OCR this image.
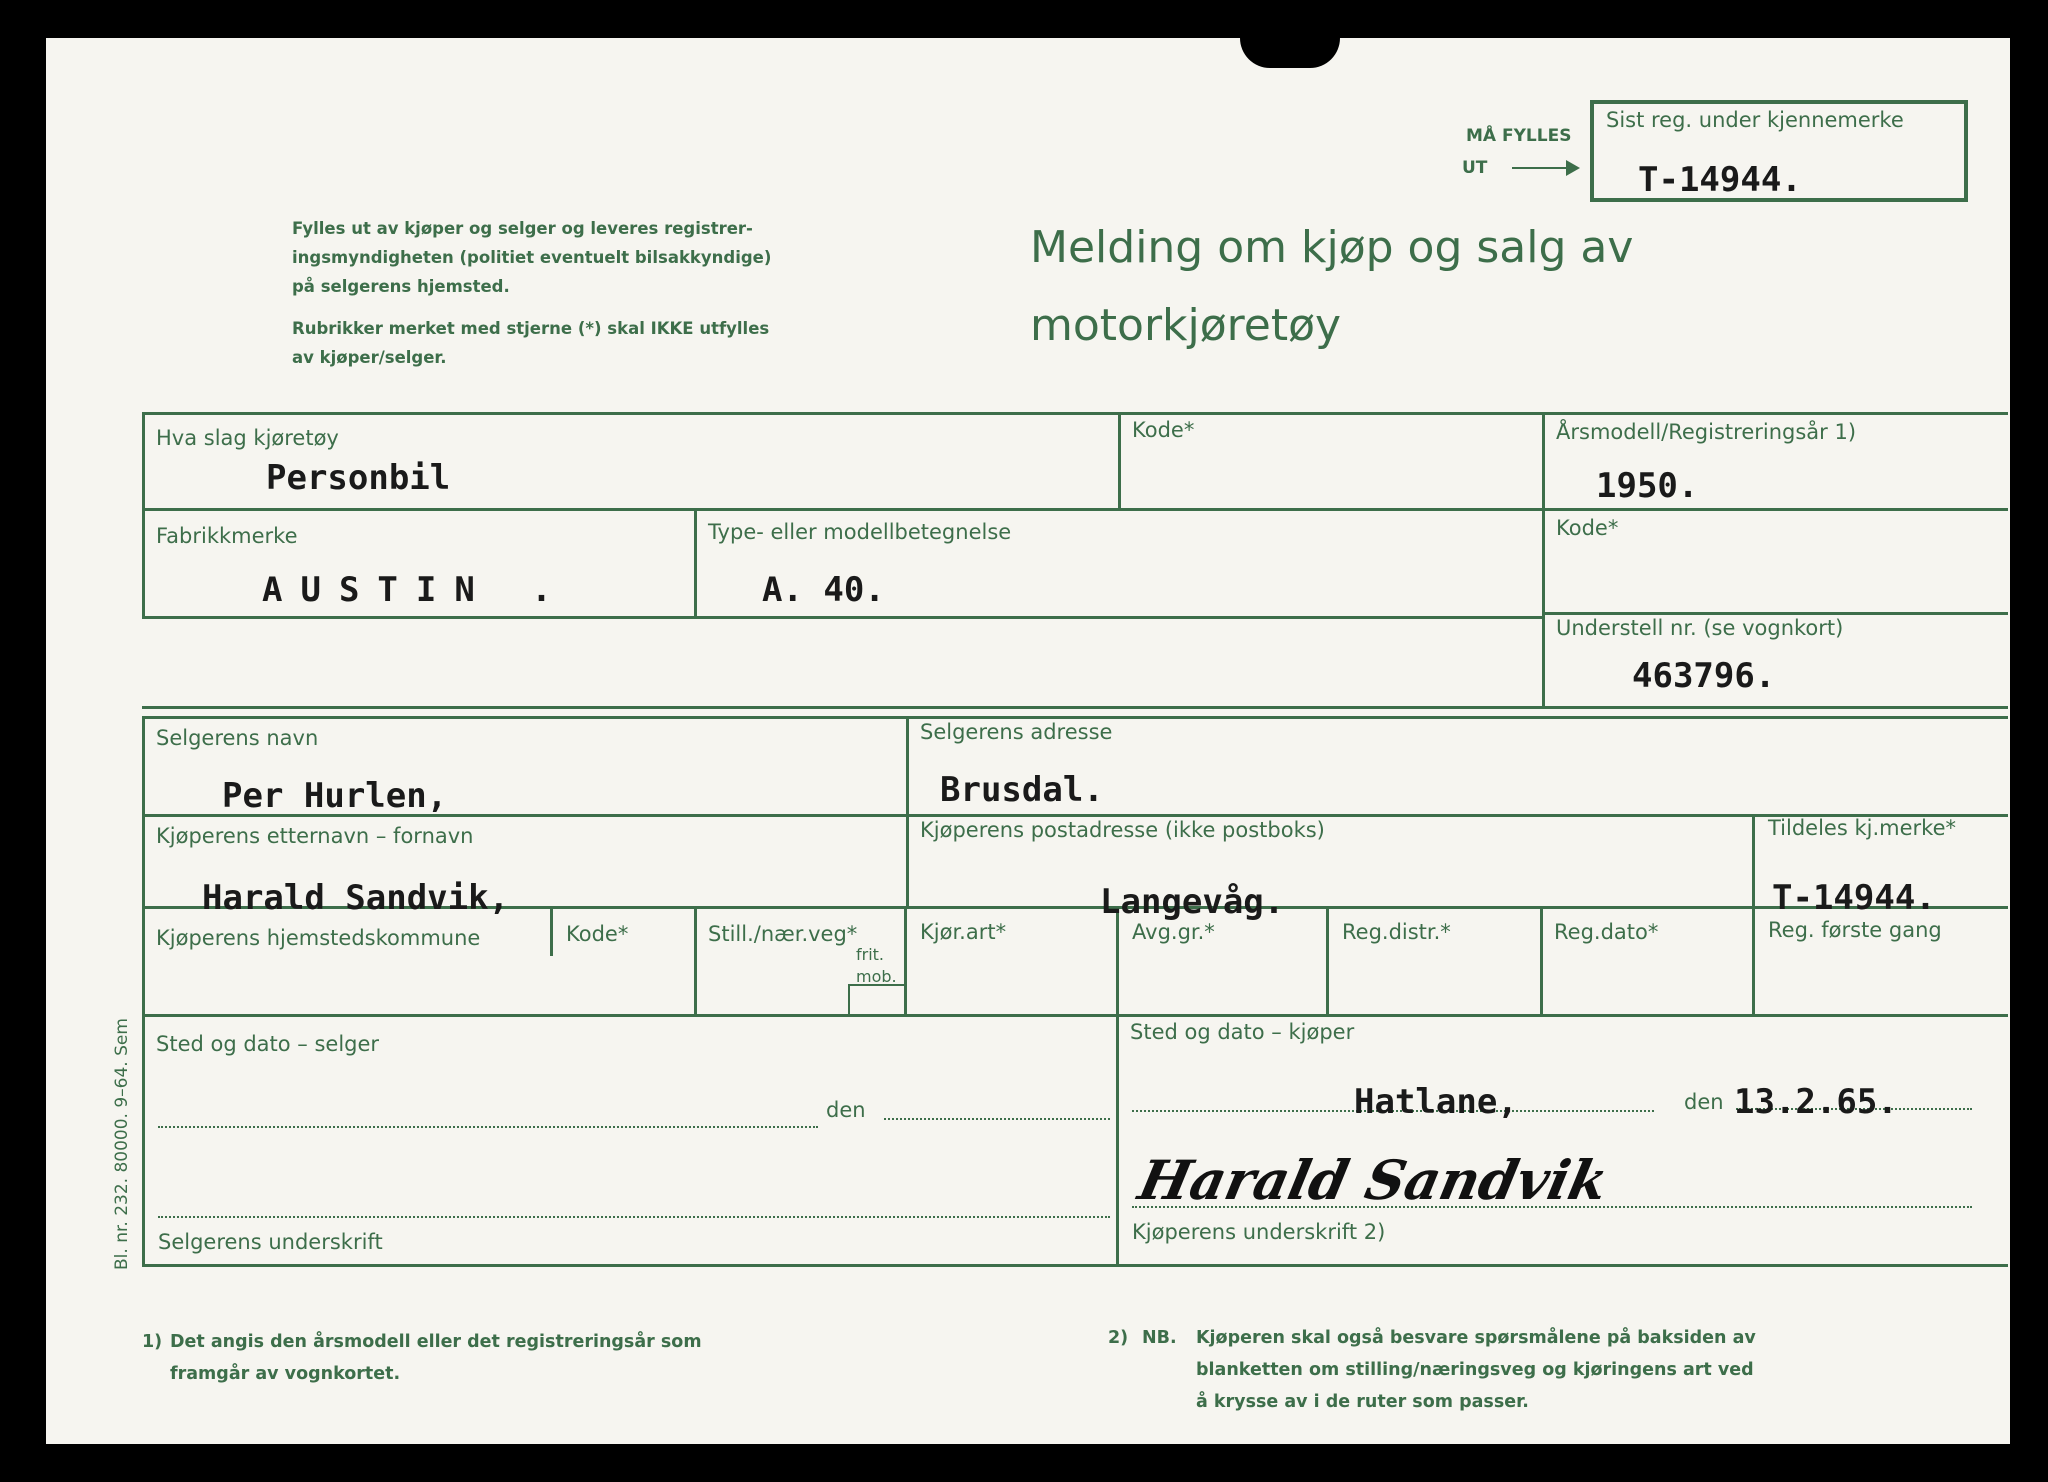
Fylles ut av kjøper og selger og leveres registrer-
ingsmyndigheten (politiet eventuelt bilsakkyndige)
på selgerens hjemsted.
Rubrikker merket med stjerne (*) skal IKKE utfylles
av kjøper/selger.
Melding om kjøp og salg av
motorkjøretøy
MÅ FYLLES
UT
Sist reg. under kjennemerke
T-14944.
Hva slag kjøretøy
Personbil
Kode*	Årsmodell/Registreringsår 1)
1950.
Fabrikkmerke
AUSTIN .
Type- eller modellbetegnelse
A. 40.
Kode*
Understell nr. (se vognkort)
463796.
Selgerens navn
Per Hurlen,
Selgerens adresse
Brusdal.
Kjøperens etternavn – fornavn
Harald Sandvik,
Kjøperens postadresse (ikke postboks)
Langevåg.
Tildeles kj.merke*
T-14944.
Kjøperens hjemstedskommune	Kode*	Still./nær.veg*
frit.
mob.
Kjør.art*	Avg.gr.*	Reg.distr.*	Reg.dato*	Reg. første gang
Sted og dato – selger
den
Selgerens underskrift
Sted og dato – kjøper
Hatlane,	den 13.2.65.
Harald Sandvik
Kjøperens underskrift 2)
1) Det angis den årsmodell eller det registreringsår som
framgår av vognkortet.
2) NB. Kjøperen skal også besvare spørsmålene på baksiden av
blanketten om stilling/næringsveg og kjøringens art ved
å krysse av i de ruter som passer.
Bl. nr. 232. 80000. 9–64. Sem
